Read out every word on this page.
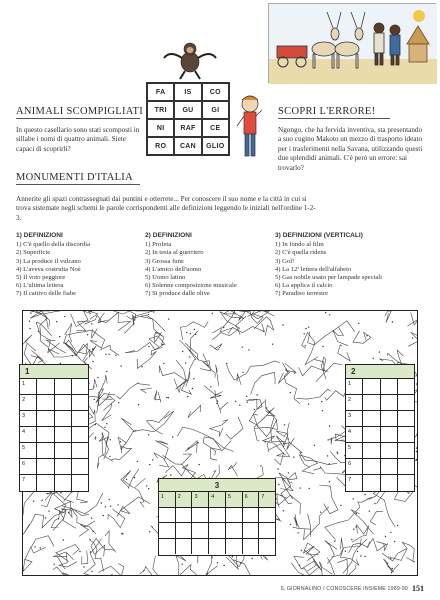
FA	IS	CO
TRI	GU	GI
NI	RAF	CE
RO	CAN	GLIO
ANIMALI SCOMPIGLIATI
In questo casellario sono stati scomposti in sillabe i nomi di quattro animali. Siete capaci di scoprirli?
SCOPRI L'ERRORE!
Ngongo, che ha fervida inventiva, sta presentando a suo cugino Makoto un mezzo di trasporto ideato per i trasferimenti nella Savana, utilizzando questi due splendidi animali. C'è però un errore: sai trovarlo?
MONUMENTI D'ITALIA
Annerite gli spazi contrassegnati dai puntini e otterrete... Per conoscere il suo nome e la città in cui si trova sistemate negli schemi le parole corrispondenti alle definizioni leggendo le iniziali nell'ordine 1-2-3.
1) DEFINIZIONI
1) C'è quello della discordia
2) Superficie
3) La produce il vulcano
4) L'aveva costruita Noè
5) Il voto peggiore
6) L'ultima lettera
7) Il cattivo delle fiabe
2) DEFINIZIONI
1) Profeta
2) In testa al guerriero
3) Grossa fune
4) L'amico dell'uomo
5) Uomo latino
6) Solenne composizione musicale
7) Si produce dalle olive
3) DEFINIZIONI (VERTICALI)
1) In fondo al film
2) C'è quella ridens
3) Gol!
4) La 12ª lettera dell'alfabeto
5) Gas nobile usato per lampade speciali
6) La applica il calcio
7) Paradiso terrestre
1
1
2
3
4
5
6
7
2
1
2
3
4
5
6
7
3
1	2	3	4	5	6	7
IL GIORNALINO / CONOSCERE INSIEME 1989-90 151
